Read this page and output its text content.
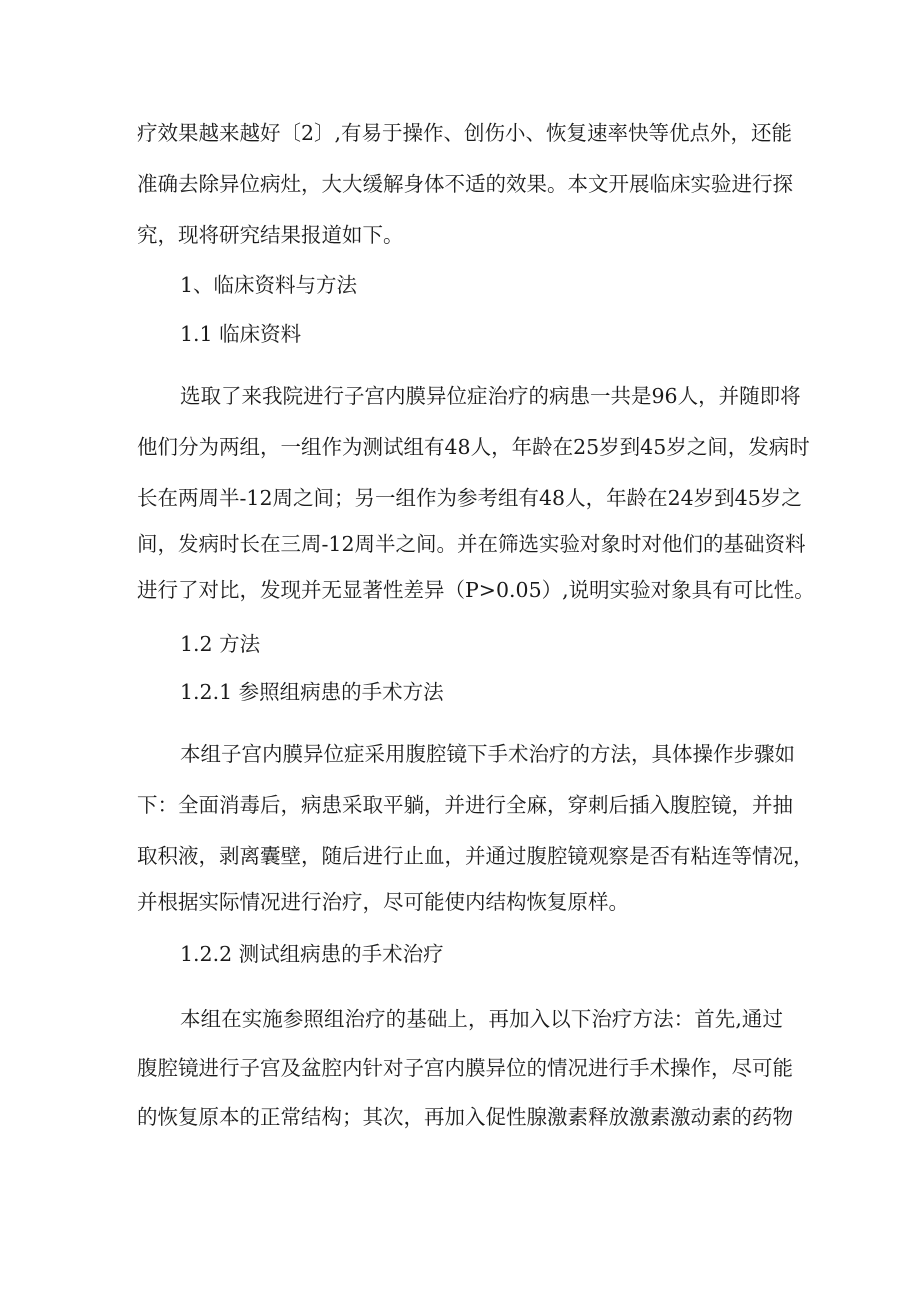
疗效果越来越好〔2〕,有易于操作、创伤小、恢复速率快等优点外，还能
准确去除异位病灶，大大缓解身体不适的效果。本文开展临床实验进行探
究，现将研究结果报道如下。
1、临床资料与方法
1.1 临床资料
选取了来我院进行子宫内膜异位症治疗的病患一共是96人，并随即将
他们分为两组，一组作为测试组有48人，年龄在25岁到45岁之间，发病时
长在两周半-12周之间；另一组作为参考组有48人，年龄在24岁到45岁之
间，发病时长在三周-12周半之间。并在筛选实验对象时对他们的基础资料
进行了对比，发现并无显著性差异（P>0.05）,说明实验对象具有可比性。
1.2 方法
1.2.1 参照组病患的手术方法
本组子宫内膜异位症采用腹腔镜下手术治疗的方法，具体操作步骤如
下：全面消毒后，病患采取平躺，并进行全麻，穿刺后插入腹腔镜，并抽
取积液，剥离囊壁，随后进行止血，并通过腹腔镜观察是否有粘连等情况，
并根据实际情况进行治疗，尽可能使内结构恢复原样。
1.2.2 测试组病患的手术治疗
本组在实施参照组治疗的基础上，再加入以下治疗方法：首先,通过
腹腔镜进行子宫及盆腔内针对子宫内膜异位的情况进行手术操作，尽可能
的恢复原本的正常结构；其次，再加入促性腺激素释放激素激动素的药物
